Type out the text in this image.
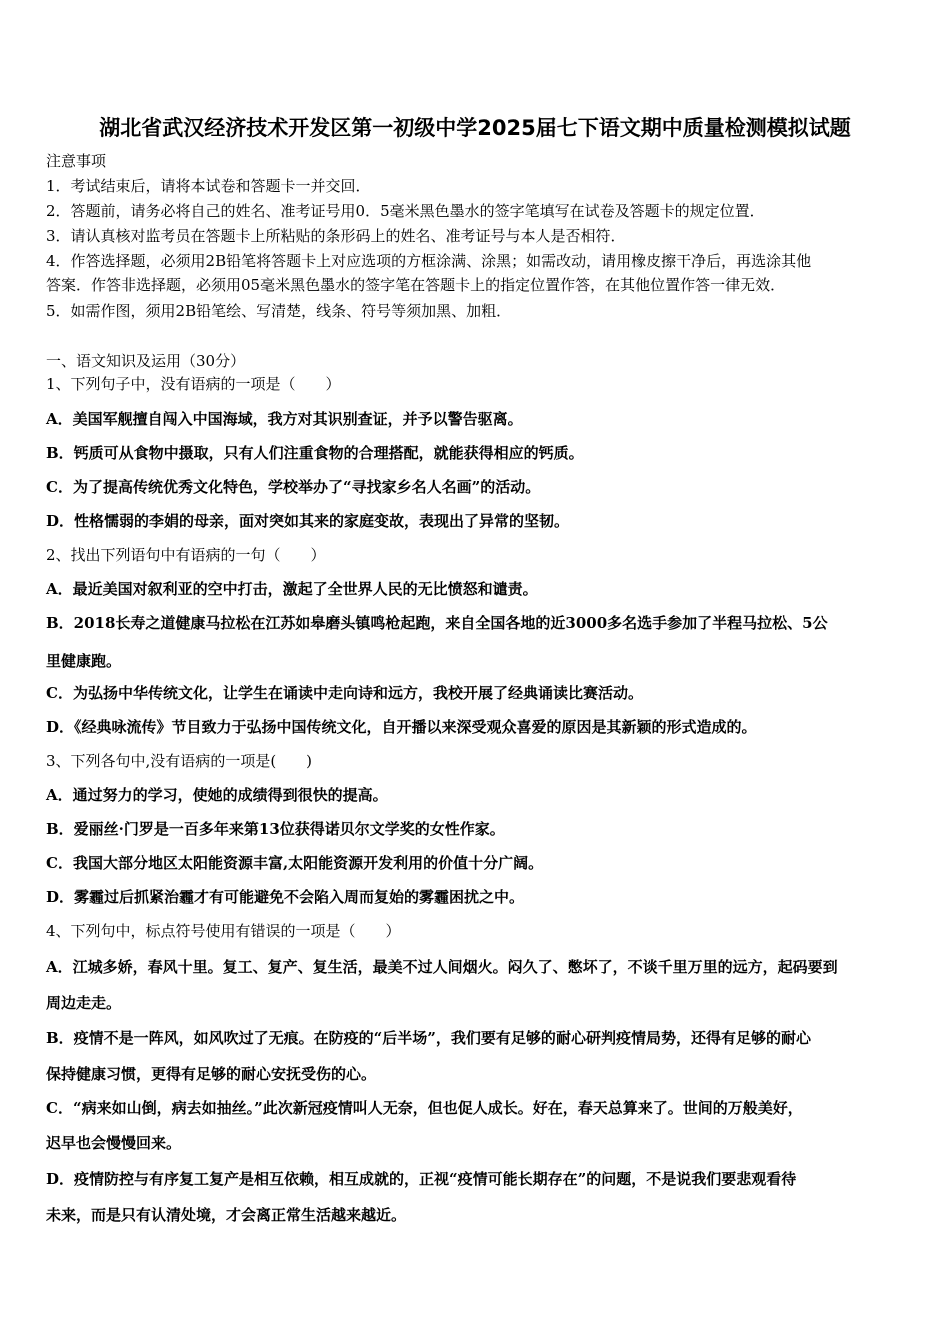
湖北省武汉经济技术开发区第一初级中学2025届七下语文期中质量检测模拟试题
注意事项
1．考试结束后，请将本试卷和答题卡一并交回．
2．答题前，请务必将自己的姓名、准考证号用0．5毫米黑色墨水的签字笔填写在试卷及答题卡的规定位置．
3．请认真核对监考员在答题卡上所粘贴的条形码上的姓名、准考证号与本人是否相符．
4．作答选择题，必须用2B铅笔将答题卡上对应选项的方框涂满、涂黑；如需改动，请用橡皮擦干净后，再选涂其他
答案．作答非选择题，必须用05毫米黑色墨水的签字笔在答题卡上的指定位置作答，在其他位置作答一律无效．
5．如需作图，须用2B铅笔绘、写清楚，线条、符号等须加黑、加粗．
一、语文知识及运用（30分）
1、下列句子中，没有语病的一项是（　　）
A．美国军舰擅自闯入中国海域，我方对其识别查证，并予以警告驱离。
B．钙质可从食物中摄取，只有人们注重食物的合理搭配，就能获得相应的钙质。
C．为了提高传统优秀文化特色，学校举办了“寻找家乡名人名画”的活动。
D．性格懦弱的李娟的母亲，面对突如其来的家庭变故，表现出了异常的坚韧。
2、找出下列语句中有语病的一句（　　）
A．最近美国对叙利亚的空中打击，激起了全世界人民的无比愤怒和谴责。
B．2018长寿之道健康马拉松在江苏如皋磨头镇鸣枪起跑，来自全国各地的近3000多名选手参加了半程马拉松、5公
里健康跑。
C．为弘扬中华传统文化，让学生在诵读中走向诗和远方，我校开展了经典诵读比赛活动。
D．《经典咏流传》节目致力于弘扬中国传统文化，自开播以来深受观众喜爱的原因是其新颖的形式造成的。
3、下列各句中,没有语病的一项是(　　)
A．通过努力的学习，使她的成绩得到很快的提高。
B．爱丽丝·门罗是一百多年来第13位获得诺贝尔文学奖的女性作家。
C．我国大部分地区太阳能资源丰富,太阳能资源开发利用的价值十分广阔。
D．雾霾过后抓紧治霾才有可能避免不会陷入周而复始的雾霾困扰之中。
4、下列句中，标点符号使用有错误的一项是（　　）
A．江城多娇，春风十里。复工、复产、复生活，最美不过人间烟火。闷久了、憋坏了，不谈千里万里的远方，起码要到
周边走走。
B．疫情不是一阵风，如风吹过了无痕。在防疫的“后半场”，我们要有足够的耐心研判疫情局势，还得有足够的耐心
保持健康习惯，更得有足够的耐心安抚受伤的心。
C．“病来如山倒，病去如抽丝。”此次新冠疫情叫人无奈，但也促人成长。好在，春天总算来了。世间的万般美好，
迟早也会慢慢回来。
D．疫情防控与有序复工复产是相互依赖，相互成就的，正视“疫情可能长期存在”的问题，不是说我们要悲观看待
未来，而是只有认清处境，才会离正常生活越来越近。
